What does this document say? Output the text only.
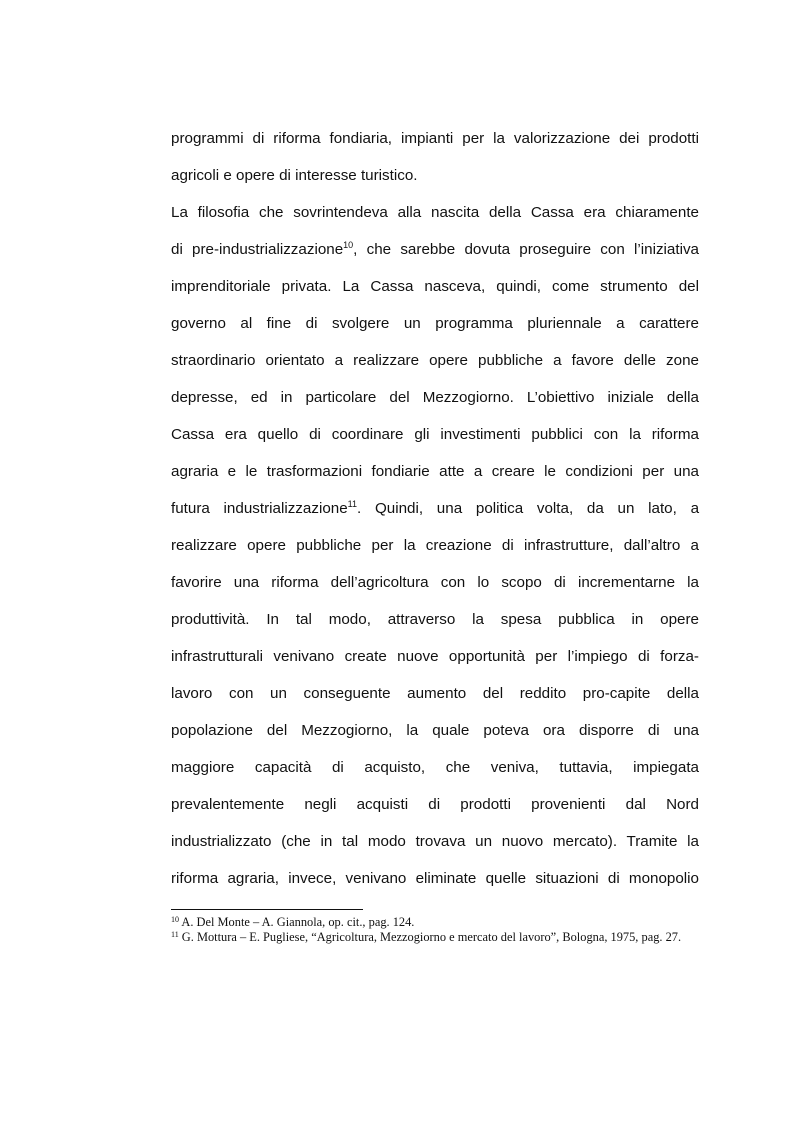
programmi di riforma fondiaria, impianti per la valorizzazione dei prodotti
agricoli e opere di interesse turistico.
La filosofia che sovrintendeva alla nascita della Cassa era chiaramente
di pre-industrializzazione$^{10}$, che sarebbe dovuta proseguire con l’iniziativa
imprenditoriale privata. La Cassa nasceva, quindi, come strumento del
governo al fine di svolgere un programma pluriennale a carattere
straordinario orientato a realizzare opere pubbliche a favore delle zone
depresse, ed in particolare del Mezzogiorno. L’obiettivo iniziale della
Cassa era quello di coordinare gli investimenti pubblici con la riforma
agraria e le trasformazioni fondiarie atte a creare le condizioni per una
futura industrializzazione$^{11}$. Quindi, una politica volta, da un lato, a
realizzare opere pubbliche per la creazione di infrastrutture, dall’altro a
favorire una riforma dell’agricoltura con lo scopo di incrementarne la
produttività. In tal modo, attraverso la spesa pubblica in opere
infrastrutturali venivano create nuove opportunità per l’impiego di forza-
lavoro con un conseguente aumento del reddito pro-capite della
popolazione del Mezzogiorno, la quale poteva ora disporre di una
maggiore capacità di acquisto, che veniva, tuttavia, impiegata
prevalentemente negli acquisti di prodotti provenienti dal Nord
industrializzato (che in tal modo trovava un nuovo mercato). Tramite la
riforma agraria, invece, venivano eliminate quelle situazioni di monopolio

$^{10}$ A. Del Monte – A. Giannola, op. cit., pag. 124.

$^{11}$ G. Mottura – E. Pugliese, “Agricoltura, Mezzogiorno e mercato del lavoro”, Bologna, 1975, pag. 27.
